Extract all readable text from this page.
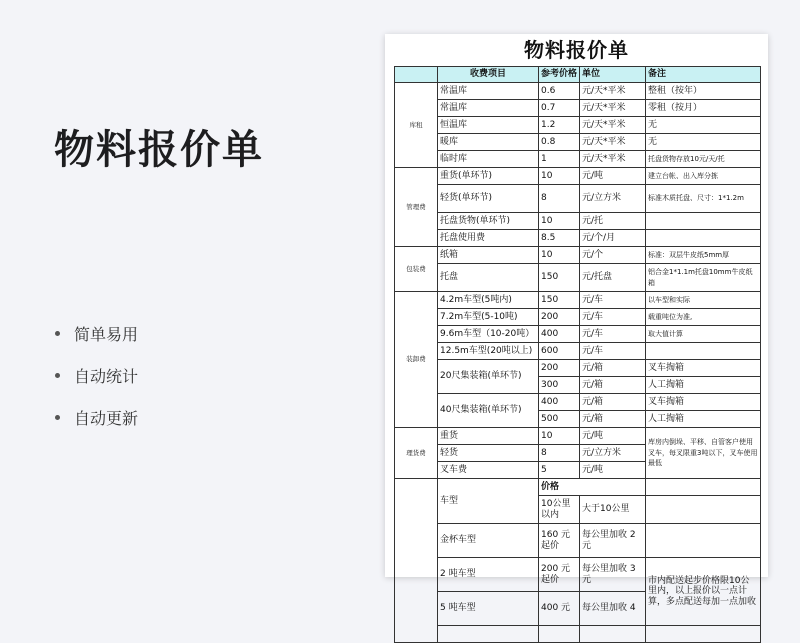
物料报价单
简单易用
自动统计
自动更新
物料报价单
	收费项目	参考价格	单位	备注
库租	常温库	0.6	元/天*平米	整租（按年）
	常温库	0.7	元/天*平米	零租（按月）
	恒温库	1.2	元/天*平米	无
	暖库	0.8	元/天*平米	无
	临时库	1	元/天*平米	托盘货物存放10元/天/托
管理费	重货(单环节)	10	元/吨	建立台帐、出入库分拣
	轻货(单环节)	8	元/立方米	标准木质托盘、尺寸：1*1.2m
	托盘货物(单环节)	10	元/托	
	托盘使用费	8.5	元/个/月	
包装费	纸箱	10	元/个	标准：双层牛皮纸5mm厚
	托盘	150	元/托盘	铝合金1*1.1m托盘10mm牛皮纸箱
装卸费	4.2m车型(5吨内)	150	元/车	以车型和实际
	7.2m车型(5-10吨)	200	元/车	载重吨位为准,
	9.6m车型（10-20吨）	400	元/车	取大值计算
	12.5m车型(20吨以上)	600	元/车	
	20尺集装箱(单环节)	200	元/箱	叉车掏箱
		300	元/箱	人工掏箱
	40尺集装箱(单环节)	400	元/箱	叉车掏箱
		500	元/箱	人工掏箱
理货费	重货	10	元/吨	库房内倒垛、平移、自管客户使用叉车，每叉限重3吨以下，叉车使用最低
	轻货	8	元/立方米	
	叉车费	5	元/吨	
	车型	价格		
		10公里以内	大于10公里	
	金杯车型	160 元起价	每公里加收 2元	
	2 吨车型	200 元起价	每公里加收 3元	市内配送起步价格限10公里内，以上报价以一点计算，多点配送每加一点加收
	5 吨车型	400 元	每公里加收 4	
